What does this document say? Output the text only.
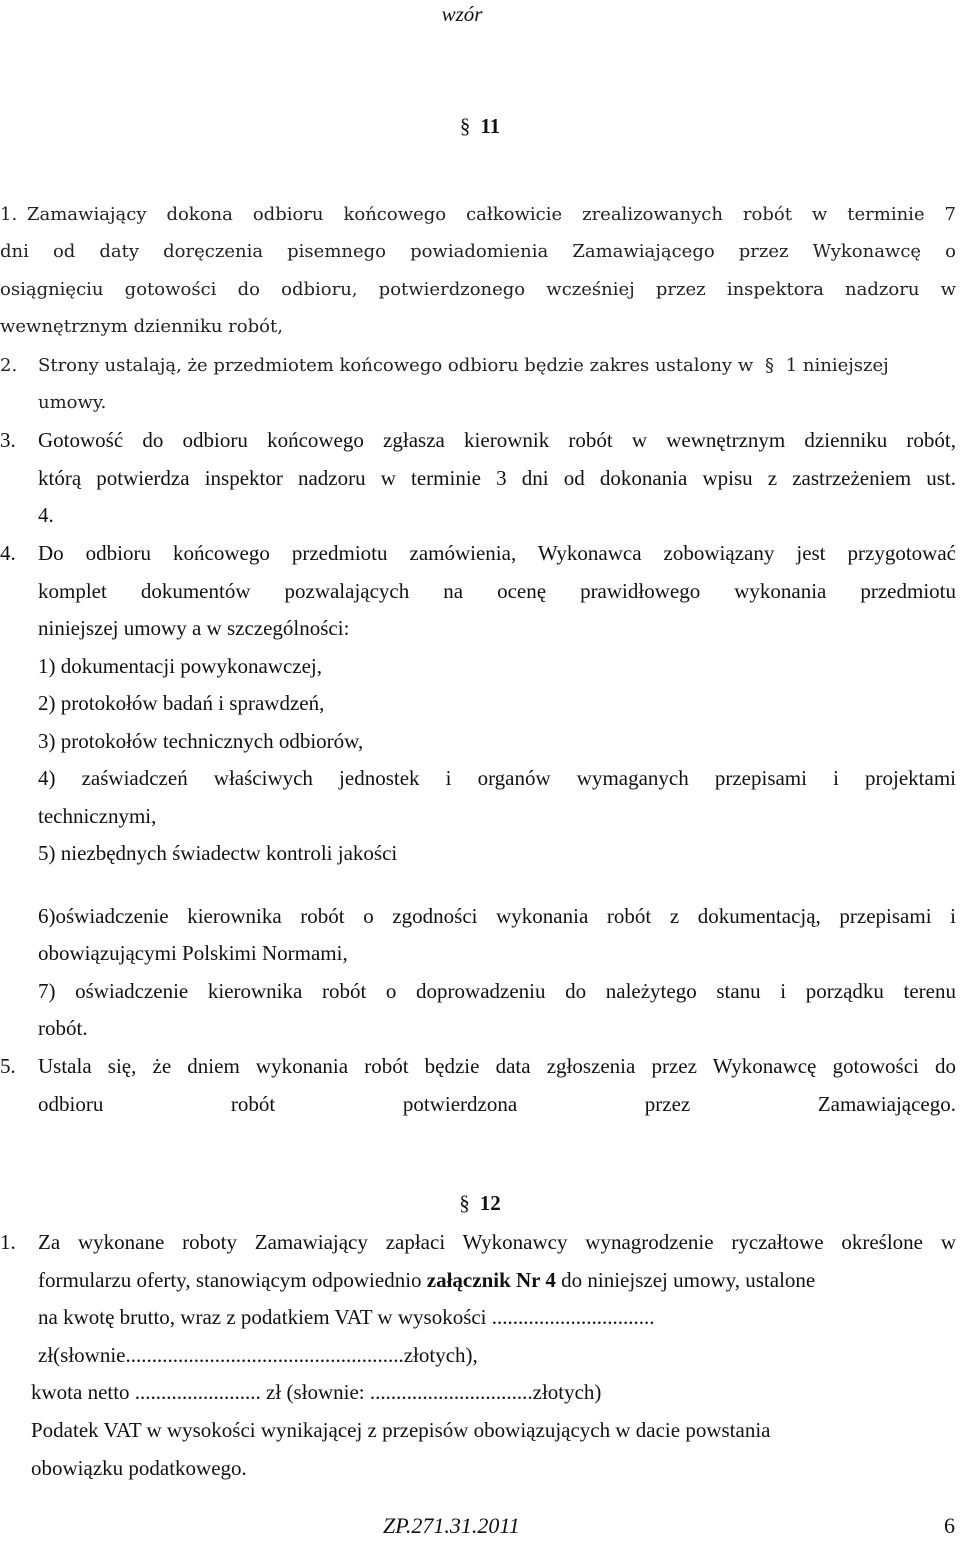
wzór
§ 11
1. Zamawiający dokona odbioru końcowego całkowicie zrealizowanych robót w terminie 7
dni od daty doręczenia pisemnego powiadomienia Zamawiającego przez Wykonawcę o
osiągnięciu gotowości do odbioru, potwierdzonego wcześniej przez inspektora nadzoru w
wewnętrznym dzienniku robót,
2. Strony ustalają, że przedmiotem końcowego odbioru będzie zakres ustalony w § 1 niniejszej
umowy.
3. Gotowość do odbioru końcowego zgłasza kierownik robót w wewnętrznym dzienniku robót,
którą potwierdza inspektor nadzoru w terminie 3 dni od dokonania wpisu z zastrzeżeniem ust.
4.
4. Do odbioru końcowego przedmiotu zamówienia, Wykonawca zobowiązany jest przygotować
komplet dokumentów pozwalających na ocenę prawidłowego wykonania przedmiotu
niniejszej umowy a w szczególności:
1) dokumentacji powykonawczej,
2) protokołów badań i sprawdzeń,
3) protokołów technicznych odbiorów,
4) zaświadczeń właściwych jednostek i organów wymaganych przepisami i projektami
technicznymi,
5) niezbędnych świadectw kontroli jakości
6)oświadczenie kierownika robót o zgodności wykonania robót z dokumentacją, przepisami i
obowiązującymi Polskimi Normami,
7) oświadczenie kierownika robót o doprowadzeniu do należytego stanu i porządku terenu
robót.
5. Ustala się, że dniem wykonania robót będzie data zgłoszenia przez Wykonawcę gotowości do
odbioru robót potwierdzona przez Zamawiającego.
§ 12
1. Za wykonane roboty Zamawiający zapłaci Wykonawcy wynagrodzenie ryczałtowe określone w
formularzu oferty, stanowiącym odpowiednio załącznik Nr 4 do niniejszej umowy, ustalone
na kwotę brutto, wraz z podatkiem VAT w wysokości ...............................
zł(słownie.....................................................złotych),
kwota netto ........................ zł (słownie: ...............................złotych)
Podatek VAT w wysokości wynikającej z przepisów obowiązujących w dacie powstania
obowiązku podatkowego.
ZP.271.31.2011	6
